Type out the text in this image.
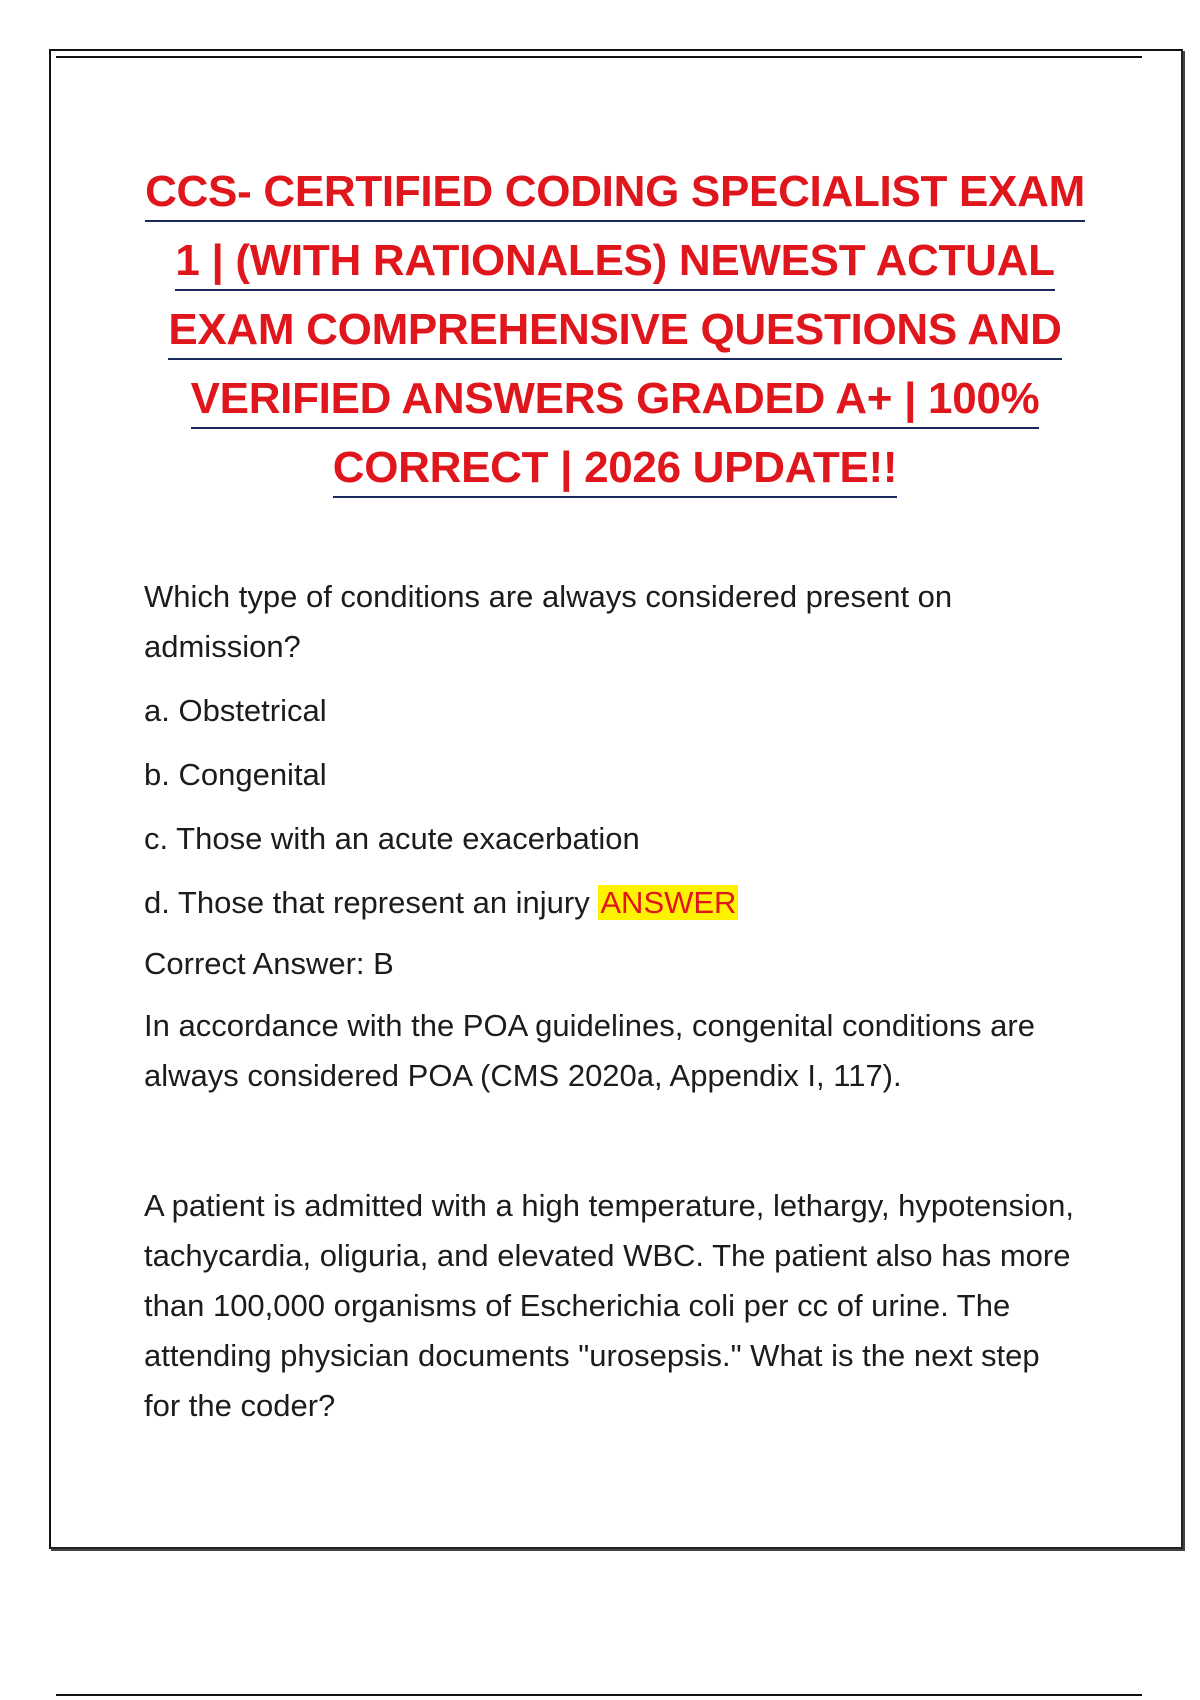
CCS- CERTIFIED CODING SPECIALIST EXAM
1 | (WITH RATIONALES) NEWEST ACTUAL
EXAM COMPREHENSIVE QUESTIONS AND
VERIFIED ANSWERS GRADED A+ | 100%
CORRECT | 2026 UPDATE!!

Which type of conditions are always considered present on admission?

a. Obstetrical

b. Congenital

c. Those with an acute exacerbation

d. Those that represent an injury ANSWER

Correct Answer: B

In accordance with the POA guidelines, congenital conditions are always considered POA (CMS 2020a, Appendix I, 117).

A patient is admitted with a high temperature, lethargy, hypotension, tachycardia, oliguria, and elevated WBC. The patient also has more than 100,000 organisms of Escherichia coli per cc of urine. The attending physician documents "urosepsis." What is the next step for the coder?
